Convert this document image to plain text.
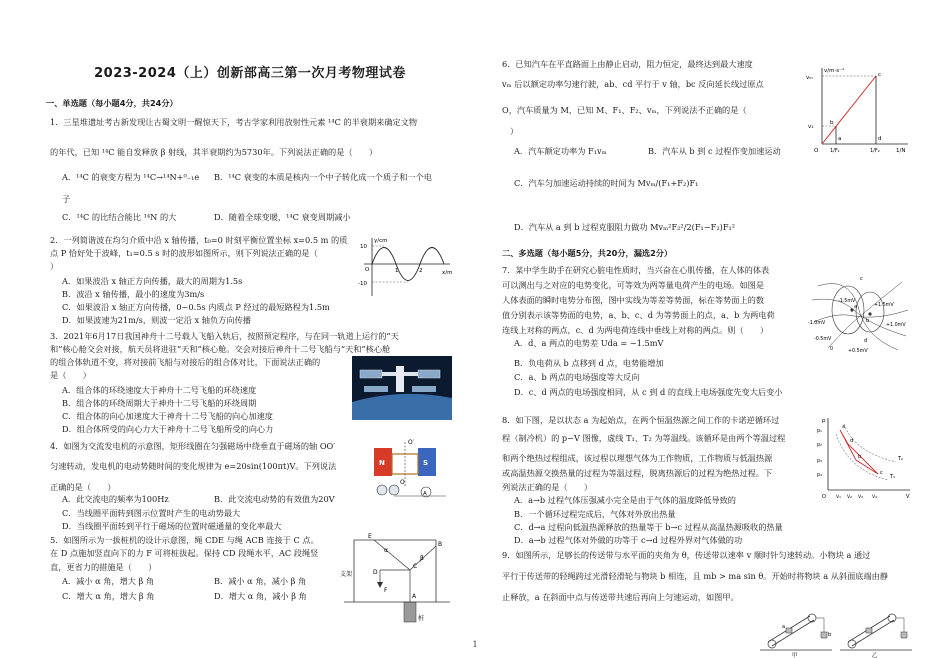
2023-2024（上）创新部高三第一次月考物理试卷
一、单选题（每小题4分，共24分）
1．三星堆遗址考古新发现让古蜀文明一醒惊天下，考古学家利用放射性元素 ¹⁴C 的半衰期来确定文物
的年代，已知 ¹⁴C 能自发释放 β 射线，其半衰期约为5730年。下列说法正确的是（　　）
A．¹⁴C 的衰变方程为 ¹⁴C→¹⁴N+⁰₋₁e B．¹⁴C 衰变的本质是核内一个中子转化成一个质子和一个电
子
C．¹⁴C 的比结合能比 ¹⁴N 的大	D．随着全球变暖，¹⁴C 衰变周期减小
2．一列简谐波在均匀介质中沿 x 轴传播，t₀=0 时刻平衡位置坐标 x=0.5 m 的质
点 P 恰好处于波峰，t₁=0.5 s 时的波形如图所示，则下列说法正确的是（
）
A．如果波沿 x 轴正方向传播，最大的周期为1.5s
B．波沿 x 轴传播，最小的速度为3m/s
C．如果波沿 x 轴正方向传播，0~0.5s 内质点 P 经过的最短路程为1.5m
D．如果波速为21m/s，则波一定沿 x 轴负方向传播
y/cm
x/m
10
O
-10
1	2
3．2021年6月17日我国神舟十二号载人飞船入轨后，按照预定程序，与在同一轨道上运行的“天
和”核心舱交会对接，航天员将进驻“天和”核心舱。交会对接后神舟十二号飞船与“天和”核心舱
的组合体轨道不变，将对接前飞船与对接后的组合体对比，下面说法正确的
是（　　）
A．组合体的环绕速度大于神舟十二号飞船的环绕速度
B．组合体的环绕周期大于神舟十二号飞船的环绕周期
C．组合体的向心加速度大于神舟十二号飞船的向心加速度
D．组合体所受的向心力大于神舟十二号飞船所受的向心力
4．如图为交流发电机的示意图，矩形线圈在匀强磁场中绕垂直于磁场的轴 OO′
匀速转动，发电机的电动势随时间的变化规律为 e=20sin(100πt)V。下列说法
正确的是（　　）
A．此交流电的频率为100Hz	B．此交流电动势的有效值为20V
C．当线圈平面转到图示位置时产生的电动势最大
D．当线圈平面转到平行于磁场的位置时磁通量的变化率最大
O′
N	S
O
A
5．如图所示为一拔桩机的设计示意图，绳 CDE 与绳 ACB 连接于 C 点。
在 D 点施加竖直向下的力 F 可将桩拔起。保持 CD 段绳水平，AC 段绳竖
直，更省力的措施是（　　）
A．减小 α 角，增大 β 角	B．减小 α 角，减小 β 角
C．增大 α 角，增大 β 角	D．增大 α 角，减小 β 角
E
α
B
D
C
β
F
支架
A
桩
6．已知汽车在平直路面上由静止启动，阻力恒定，最终达到最大速度
vₘ 后以额定功率匀速行驶，ab、cd 平行于 v 轴，bc 反向延长线过原点
O，汽车质量为 M，已知 M、F₁、F₂、vₘ，下列说法不正确的是（
）
A．汽车额定功率为 F₁vₘ	B．汽车从 b 到 c 过程作变加速运动
C．汽车匀加速运动持续的时间为 Mvₘ/(F₁+F₂)F₁
D．汽车从 a 到 b 过程克服阻力做功 Mvₘ²F₂²/2(F₁−F₂)F₁²
v/m·s⁻¹
1/N
vₘ	c
v₁
b
a	d
O 1/F₁	1/F₂
二、多选题（每小题5分，共20分，漏选2分）
7．某中学生助手在研究心脏电性质时，当兴奋在心肌传播，在人体的体表
可以测出与之对应的电势变化，可等效为两等量电荷产生的电场。如图是
人体表面的瞬时电势分布图，图中实线为等差等势面，标在等势面上的数
值分别表示该等势面的电势，a、b、c、d 为等势面上的点，a、b 为两电荷
连线上对称的两点，c、d 为两电荷连线中垂线上对称的两点。则（　　）
A．d、a 两点的电势差 Uda = −1.5mV
B．负电荷从 b 点移到 d 点，电势能增加
C．a、b 两点的电场强度等大反向
D．c、d 两点的电场强度相同，从 c 到 d 的直线上电场强度先变大后变小
-1.5mV
+1.5mV
-1.0mV	+1.0mV
-0.5mV
+0.5mV
0
a
b
c
d
8．如下图，是以状态 a 为起始点，在两个恒温热源之间工作的卡诺逆循环过
程（制冷机）的 p−V 图像，虚线 T₁、T₂ 为等温线。该循环是由两个等温过程
和两个绝热过程组成，该过程以理想气体为工作物质，工作物质与低温热源
或高温热源交换热量的过程为等温过程，脱离热源后的过程为绝热过程。下
列说法正确的是（　　）
A．a→b 过程气体压强减小完全是由于气体的温度降低导致的
B．一个循环过程完成后，气体对外放出热量
C．d→a 过程向低温热源释放的热量等于 b→c 过程从高温热源吸收的热量
D．a→b 过程气体对外做的功等于 c→d 过程外界对气体做的功
p
p₁
p₂
p₃
p₄
a
b
c
d
T₁
T₂
O V₁ V₂ V₃ V₄	V
9．如图所示，足够长的传送带与水平面的夹角为 θ，传送带以速率 v 顺时针匀速转动。小物块 a 通过
平行于传送带的轻绳跨过光滑轻滑轮与物块 b 相连，且 mb > ma sin θ。开始时将物块 a 从斜面底端由静
止释放，a 在斜面中点与传送带共速后再向上匀速运动，如图甲。
a
b
甲	乙
1
